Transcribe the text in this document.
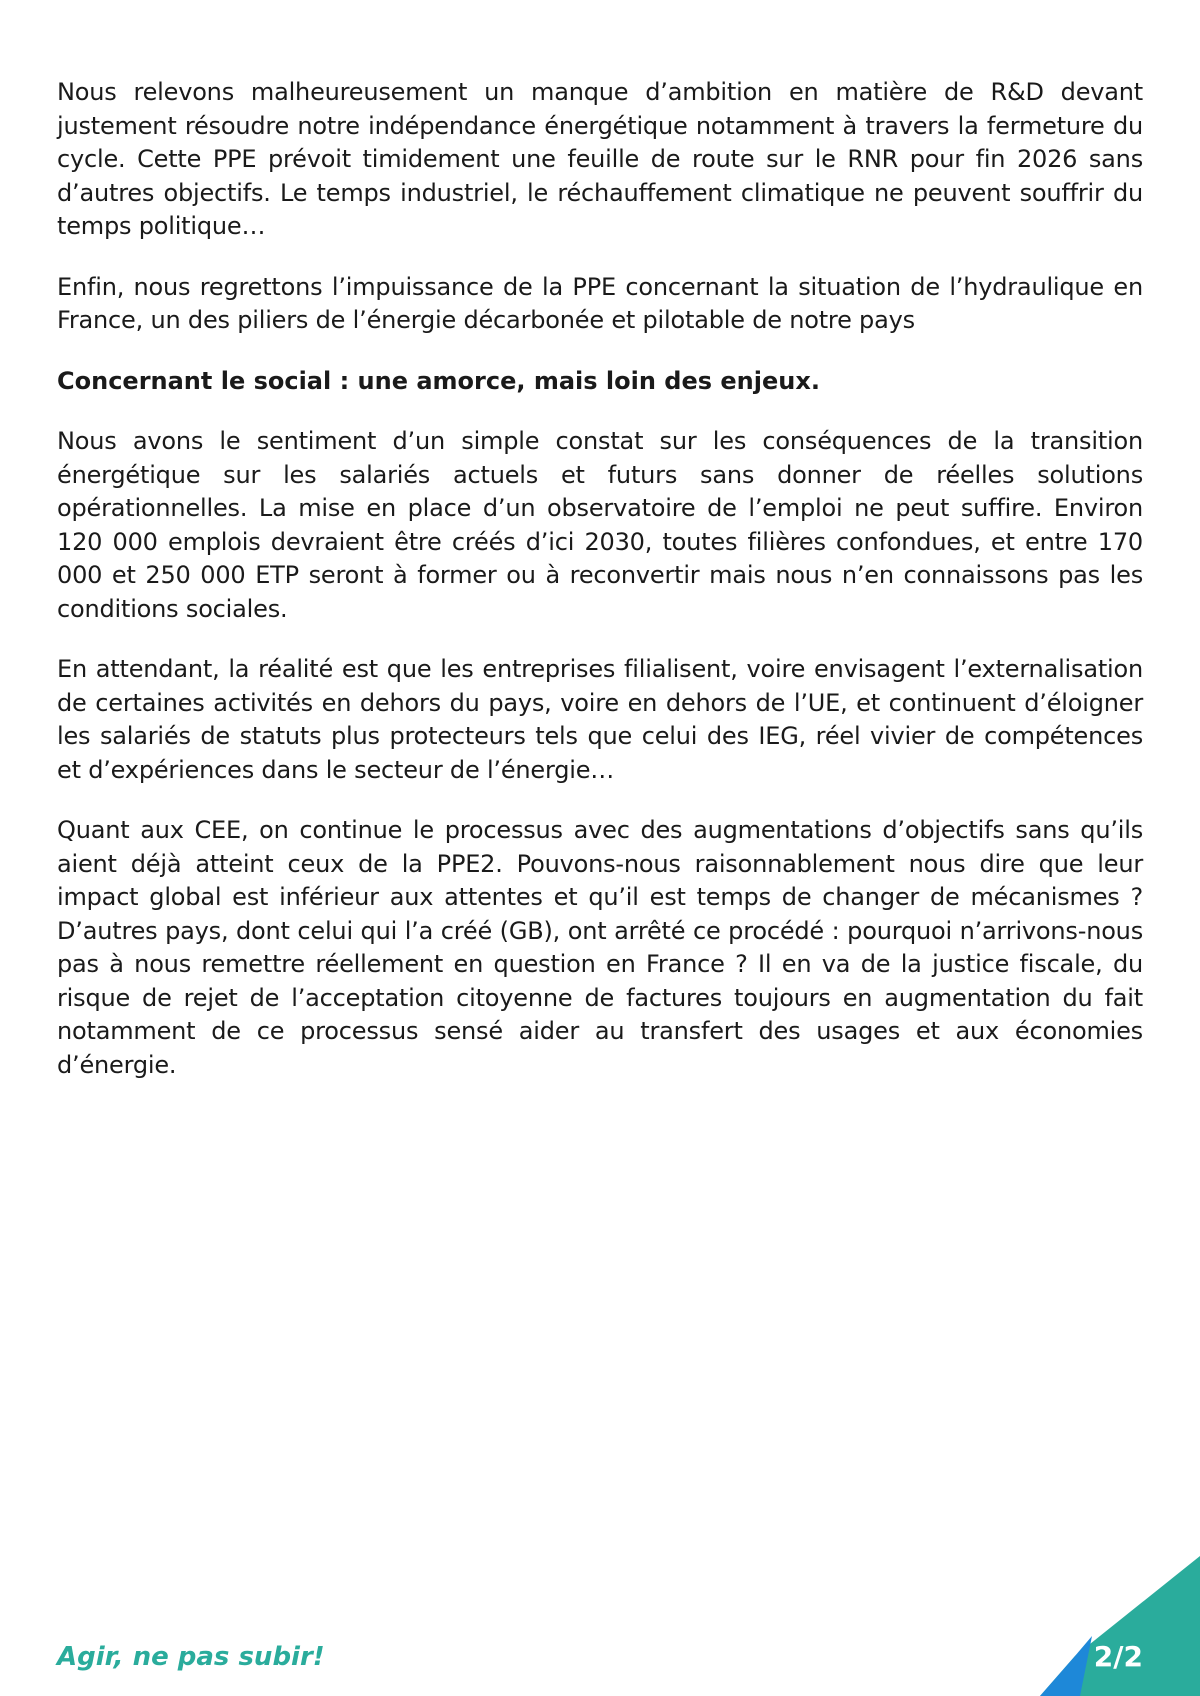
Nous relevons malheureusement un manque d’ambition en matière de R&D devant justement résoudre notre indépendance énergétique notamment à travers la fermeture du cycle. Cette PPE prévoit timidement une feuille de route sur le RNR pour fin 2026 sans d’autres objectifs. Le temps industriel, le réchauffement climatique ne peuvent souffrir du temps politique…

Enfin, nous regrettons l’impuissance de la PPE concernant la situation de l’hydraulique en France, un des piliers de l’énergie décarbonée et pilotable de notre pays

Concernant le social : une amorce, mais loin des enjeux.

Nous avons le sentiment d’un simple constat sur les conséquences de la transition énergétique sur les salariés actuels et futurs sans donner de réelles solutions opérationnelles. La mise en place d’un observatoire de l’emploi ne peut suffire. Environ 120 000 emplois devraient être créés d’ici 2030, toutes filières confondues, et entre 170 000 et 250 000 ETP seront à former ou à reconvertir mais nous n’en connaissons pas les conditions sociales.

En attendant, la réalité est que les entreprises filialisent, voire envisagent l’externalisation de certaines activités en dehors du pays, voire en dehors de l’UE, et continuent d’éloigner les salariés de statuts plus protecteurs tels que celui des IEG, réel vivier de compétences et d’expériences dans le secteur de l’énergie…

Quant aux CEE, on continue le processus avec des augmentations d’objectifs sans qu’ils aient déjà atteint ceux de la PPE2. Pouvons-nous raisonnablement nous dire que leur impact global est inférieur aux attentes et qu’il est temps de changer de mécanismes ? D’autres pays, dont celui qui l’a créé (GB), ont arrêté ce procédé : pourquoi n’arrivons-nous pas à nous remettre réellement en question en France ? Il en va de la justice fiscale, du risque de rejet de l’acceptation citoyenne de factures toujours en augmentation du fait notamment de ce processus sensé aider au transfert des usages et aux économies d’énergie.

Agir, ne pas subir!	2/2
